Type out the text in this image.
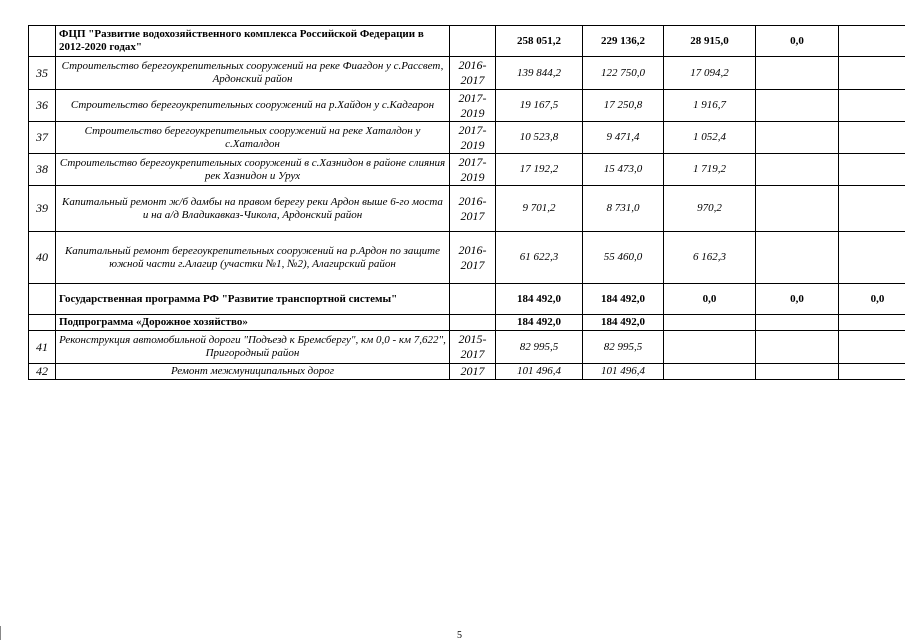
	ФЦП "Развитие водохозяйственного комплекса Российской Федерации в 2012-2020 годах"		258 051,2	229 136,2	28 915,0	0,0	
35	Строительство берегоукрепительных сооружений на реке Фиагдон у с.Рассвет, Ардонский район	2016-2017	139 844,2	122 750,0	17 094,2		
36	Строительство берегоукрепительных сооружений на р.Хайдон у с.Кадгарон	2017-2019	19 167,5	17 250,8	1 916,7		
37	Строительство берегоукрепительных сооружений на реке Хаталдон у с.Хаталдон	2017-2019	10 523,8	9 471,4	1 052,4		
38	Строительство берегоукрепительных сооружений в с.Хазнидон в районе слияния рек Хазнидон и Урух	2017-2019	17 192,2	15 473,0	1 719,2		
39	Капитальный ремонт ж/б дамбы на правом берегу реки Ардон выше 6-го моста и на а/д Владикавказ-Чикола, Ардонский район	2016-2017	9 701,2	8 731,0	970,2		
40	Капитальный ремонт берегоукрепительных сооружений на р.Ардон по защите южной части г.Алагир (участки №1, №2), Алагирский район	2016-2017	61 622,3	55 460,0	6 162,3		
	Государственная программа РФ "Развитие транспортной системы"		184 492,0	184 492,0	0,0	0,0	0,0
	Подпрограмма «Дорожное хозяйство»		184 492,0	184 492,0			
41	Реконструкция автомобильной дороги "Подъезд к Бремсбергу", км 0,0 - км 7,622", Пригородный район	2015-2017	82 995,5	82 995,5			
42	Ремонт межмуниципальных дорог	2017	101 496,4	101 496,4			
5
